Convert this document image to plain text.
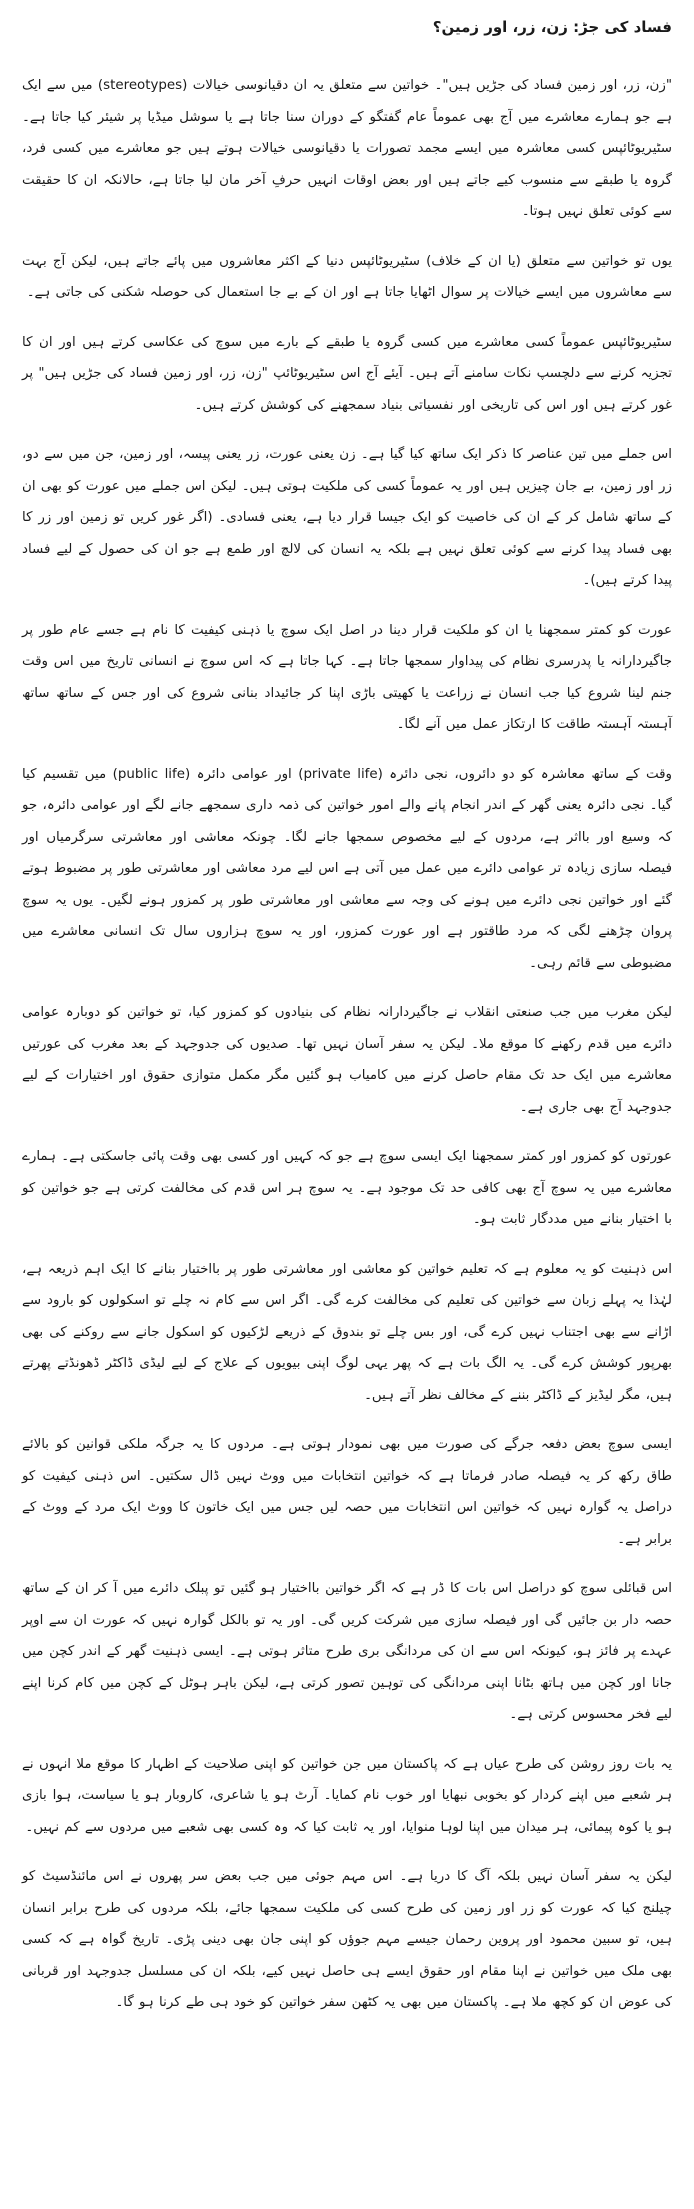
فساد کی جڑ: زن، زر، اور زمین؟

"زن، زر، اور زمین فساد کی جڑیں ہیں"۔ خواتین سے متعلق یہ ان دقیانوسی خیالات (stereotypes) میں سے ایک ہے جو ہمارے معاشرے میں آج بھی عموماً عام گفتگو کے دوران سنا جاتا ہے یا سوشل میڈیا پر شیئر کیا جاتا ہے۔ سٹیریوٹائپس کسی معاشرہ میں ایسے مجمد تصورات یا دقیانوسی خیالات ہوتے ہیں جو معاشرے میں کسی فرد، گروہ یا طبقے سے منسوب کیے جاتے ہیں اور بعض اوقات انہیں حرفِ آخر مان لیا جاتا ہے، حالانکہ ان کا حقیقت سے کوئی تعلق نہیں ہوتا۔

یوں تو خواتین سے متعلق (یا ان کے خلاف) سٹیریوٹائپس دنیا کے اکثر معاشروں میں پائے جاتے ہیں، لیکن آج بہت سے معاشروں میں ایسے خیالات پر سوال اٹھایا جاتا ہے اور ان کے بے جا استعمال کی حوصلہ شکنی کی جاتی ہے۔

سٹیریوٹائپس عموماً کسی معاشرے میں کسی گروہ یا طبقے کے بارے میں سوچ کی عکاسی کرتے ہیں اور ان کا تجزیہ کرنے سے دلچسپ نکات سامنے آتے ہیں۔ آیئے آج اس سٹیریوٹائپ "زن، زر، اور زمین فساد کی جڑیں ہیں" پر غور کرتے ہیں اور اس کی تاریخی اور نفسیاتی بنیاد سمجھنے کی کوشش کرتے ہیں۔

اس جملے میں تین عناصر کا ذکر ایک ساتھ کیا گیا ہے۔ زن یعنی عورت، زر یعنی پیسہ، اور زمین، جن میں سے دو، زر اور زمین، بے جان چیزیں ہیں اور یہ عموماً کسی کی ملکیت ہوتی ہیں۔ لیکن اس جملے میں عورت کو بھی ان کے ساتھ شامل کر کے ان کی خاصیت کو ایک جیسا قرار دیا ہے، یعنی فسادی۔ (اگر غور کریں تو زمین اور زر کا بھی فساد پیدا کرنے سے کوئی تعلق نہیں ہے بلکہ یہ انسان کی لالچ اور طمع ہے جو ان کی حصول کے لیے فساد پیدا کرتے ہیں)۔

عورت کو کمتر سمجھنا یا ان کو ملکیت قرار دینا در اصل ایک سوچ یا ذہنی کیفیت کا نام ہے جسے عام طور پر جاگیردارانہ یا پدرسری نظام کی پیداوار سمجھا جاتا ہے۔ کہا جاتا ہے کہ اس سوچ نے انسانی تاریخ میں اس وقت جنم لینا شروع کیا جب انسان نے زراعت یا کھیتی باڑی اپنا کر جائیداد بنانی شروع کی اور جس کے ساتھ ساتھ آہستہ آہستہ طاقت کا ارتکاز عمل میں آنے لگا۔

وقت کے ساتھ معاشرہ کو دو دائروں، نجی دائرہ (private life) اور عوامی دائرہ (public life) میں تقسیم کیا گیا۔ نجی دائرہ یعنی گھر کے اندر انجام پانے والے امور خواتین کی ذمہ داری سمجھے جانے لگے اور عوامی دائرہ، جو کہ وسیع اور بااثر ہے، مردوں کے لیے مخصوص سمجھا جانے لگا۔ چونکہ معاشی اور معاشرتی سرگرمیاں اور فیصلہ سازی زیادہ تر عوامی دائرے میں عمل میں آتی ہے اس لیے مرد معاشی اور معاشرتی طور پر مضبوط ہوتے گئے اور خواتین نجی دائرے میں ہونے کی وجہ سے معاشی اور معاشرتی طور پر کمزور ہونے لگیں۔ یوں یہ سوچ پروان چڑھنے لگی کہ مرد طاقتور ہے اور عورت کمزور، اور یہ سوچ ہزاروں سال تک انسانی معاشرے میں مضبوطی سے قائم رہی۔

لیکن مغرب میں جب صنعتی انقلاب نے جاگیردارانہ نظام کی بنیادوں کو کمزور کیا، تو خواتین کو دوبارہ عوامی دائرے میں قدم رکھنے کا موقع ملا۔ لیکن یہ سفر آسان نہیں تھا۔ صدیوں کی جدوجہد کے بعد مغرب کی عورتیں معاشرے میں ایک حد تک مقام حاصل کرنے میں کامیاب ہو گئیں مگر مکمل متوازی حقوق اور اختیارات کے لیے جدوجہد آج بھی جاری ہے۔

عورتوں کو کمزور اور کمتر سمجھنا ایک ایسی سوچ ہے جو کہ کہیں اور کسی بھی وقت پائی جاسکتی ہے۔ ہمارے معاشرے میں یہ سوچ آج بھی کافی حد تک موجود ہے۔ یہ سوچ ہر اس قدم کی مخالفت کرتی ہے جو خواتین کو با اختیار بنانے میں مددگار ثابت ہو۔

اس ذہنیت کو یہ معلوم ہے کہ تعلیم خواتین کو معاشی اور معاشرتی طور پر بااختیار بنانے کا ایک اہم ذریعہ ہے، لہٰذا یہ پہلے زبان سے خواتین کی تعلیم کی مخالفت کرے گی۔ اگر اس سے کام نہ چلے تو اسکولوں کو بارود سے اڑانے سے بھی اجتناب نہیں کرے گی، اور بس چلے تو بندوق کے ذریعے لڑکیوں کو اسکول جانے سے روکنے کی بھی بھرپور کوشش کرے گی۔ یہ الگ بات ہے کہ پھر یہی لوگ اپنی بیویوں کے علاج کے لیے لیڈی ڈاکٹر ڈھونڈتے پھرتے ہیں، مگر لیڈیز کے ڈاکٹر بننے کے مخالف نظر آتے ہیں۔

ایسی سوچ بعض دفعہ جرگے کی صورت میں بھی نمودار ہوتی ہے۔ مردوں کا یہ جرگہ ملکی قوانین کو بالائے طاق رکھ کر یہ فیصلہ صادر فرماتا ہے کہ خواتین انتخابات میں ووٹ نہیں ڈال سکتیں۔ اس ذہنی کیفیت کو دراصل یہ گوارہ نہیں کہ خواتین اس انتخابات میں حصہ لیں جس میں ایک خاتون کا ووٹ ایک مرد کے ووٹ کے برابر ہے۔

اس قبائلی سوچ کو دراصل اس بات کا ڈر ہے کہ اگر خواتین بااختیار ہو گئیں تو پبلک دائرے میں آ کر ان کے ساتھ حصہ دار بن جائیں گی اور فیصلہ سازی میں شرکت کریں گی۔ اور یہ تو بالکل گوارہ نہیں کہ عورت ان سے اوپر عہدے پر فائز ہو، کیونکہ اس سے ان کی مردانگی بری طرح متاثر ہوتی ہے۔ ایسی ذہنیت گھر کے اندر کچن میں جانا اور کچن میں ہاتھ بٹانا اپنی مردانگی کی توہین تصور کرتی ہے، لیکن باہر ہوٹل کے کچن میں کام کرنا اپنے لیے فخر محسوس کرتی ہے۔

یہ بات روز روشن کی طرح عیاں ہے کہ پاکستان میں جن خواتین کو اپنی صلاحیت کے اظہار کا موقع ملا انہوں نے ہر شعبے میں اپنے کردار کو بخوبی نبھایا اور خوب نام کمایا۔ آرٹ ہو یا شاعری، کاروبار ہو یا سیاست، ہوا بازی ہو یا کوہ پیمائی، ہر میدان میں اپنا لوہا منوایا، اور یہ ثابت کیا کہ وہ کسی بھی شعبے میں مردوں سے کم نہیں۔

لیکن یہ سفر آسان نہیں بلکہ آگ کا دریا ہے۔ اس مہم جوئی میں جب بعض سر پھروں نے اس مائنڈسیٹ کو چیلنج کیا کہ عورت کو زر اور زمین کی طرح کسی کی ملکیت سمجھا جائے، بلکہ مردوں کی طرح برابر انسان ہیں، تو سبین محمود اور پروین رحمان جیسے مہم جوؤں کو اپنی جان بھی دینی پڑی۔ تاریخ گواہ ہے کہ کسی بھی ملک میں خواتین نے اپنا مقام اور حقوق ایسے ہی حاصل نہیں کیے، بلکہ ان کی مسلسل جدوجہد اور قربانی کی عوض ان کو کچھ ملا ہے۔ پاکستان میں بھی یہ کٹھن سفر خواتین کو خود ہی طے کرنا ہو گا۔
